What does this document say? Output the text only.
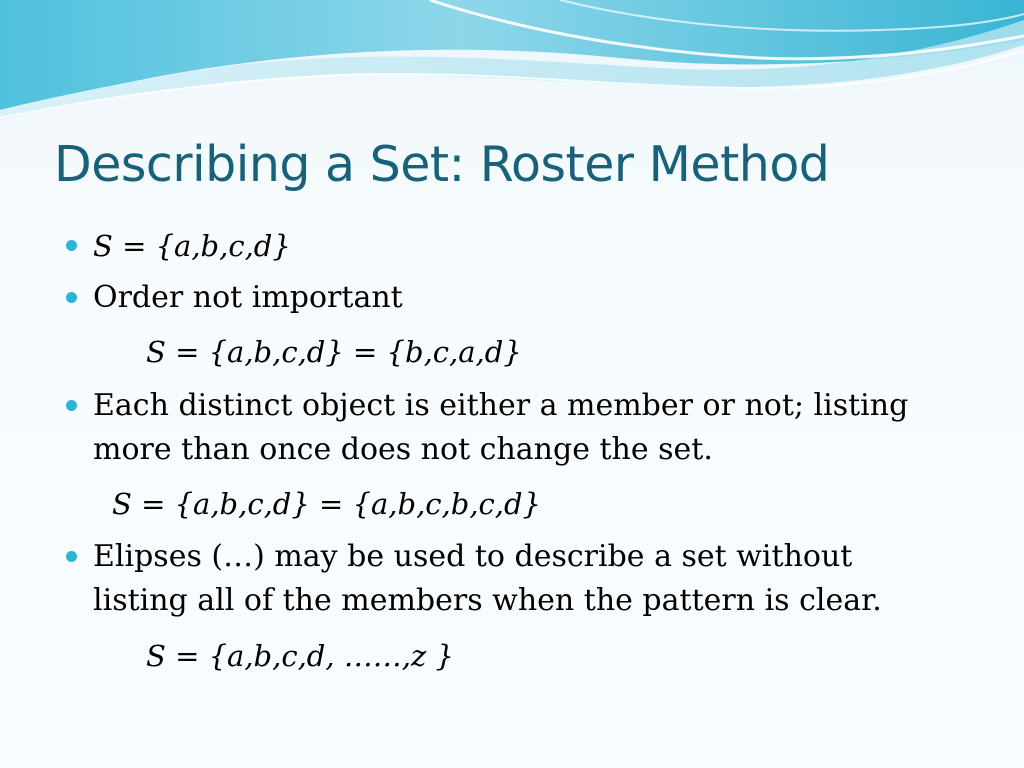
Describing a Set: Roster Method
S = {a,b,c,d}
Order not important
S = {a,b,c,d} = {b,c,a,d}
Each distinct object is either a member or not; listing
more than once does not change the set.
S = {a,b,c,d} = {a,b,c,b,c,d}
Elipses (…) may be used to describe a set without
listing all of the members when the pattern is clear.
S = {a,b,c,d, ……,z }
